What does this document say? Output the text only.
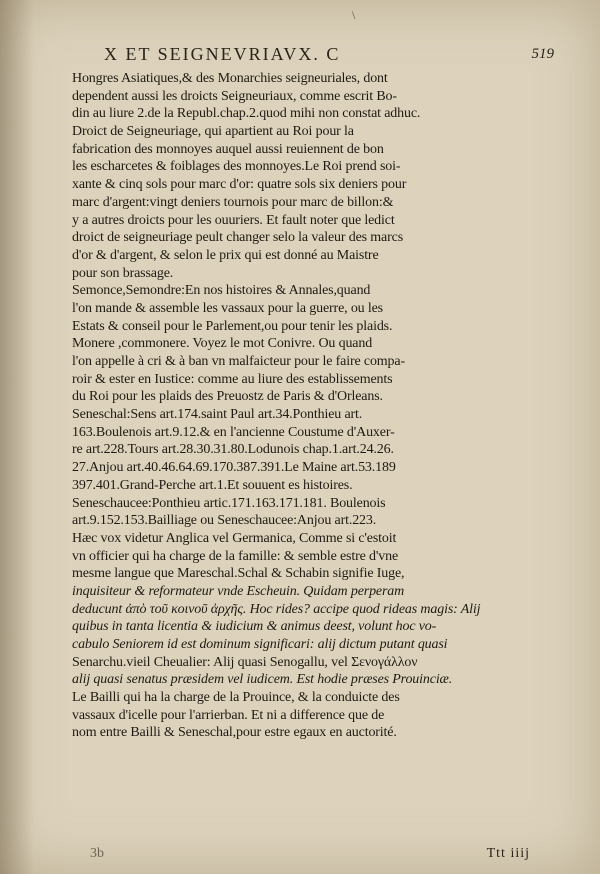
\
X ET SEIGNEVRIAVX. C	519
Hongres Asiatiques,& des Monarchies seigneuriales, dont
dependent aussi les droicts Seigneuriaux, comme escrit Bo-
din au liure 2.de la Republ.chap.2.quod mihi non constat adhuc.
Droict de Seigneuriage, qui apartient au Roi pour la
fabrication des monnoyes auquel aussi reuiennent de bon
les escharcetes & foiblages des monnoyes.Le Roi prend soi-
xante & cinq sols pour marc d'or: quatre sols six deniers pour
marc d'argent:vingt deniers tournois pour marc de billon:&
y a autres droicts pour les ouuriers. Et fault noter que ledict
droict de seigneuriage peult changer selo la valeur des marcs
d'or & d'argent, & selon le prix qui est donné au Maistre
pour son brassage.
Semonce,Semondre:En nos histoires & Annales,quand
l'on mande & assemble les vassaux pour la guerre, ou les
Estats & conseil pour le Parlement,ou pour tenir les plaids.
Monere ,commonere. Voyez le mot Conivre. Ou quand
l'on appelle à cri & à ban vn malfaicteur pour le faire compa-
roir & ester en Iustice: comme au liure des establissements
du Roi pour les plaids des Preuostz de Paris & d'Orleans.
Seneschal:Sens art.174.saint Paul art.34.Ponthieu art.
163.Boulenois art.9.12.& en l'ancienne Coustume d'Auxer-
re art.228.Tours art.28.30.31.80.Lodunois chap.1.art.24.26.
27.Anjou art.40.46.64.69.170.387.391.Le Maine art.53.189
397.401.Grand-Perche art.1.Et souuent es histoires.
Seneschaucee:Ponthieu artic.171.163.171.181. Boulenois
art.9.152.153.Bailliage ou Seneschaucee:Anjou art.223.
Hæc vox videtur Anglica vel Germanica, Comme si c'estoit
vn officier qui ha charge de la famille: & semble estre d'vne
mesme langue que Mareschal.Schal & Schabin signifie Iuge,
inquisiteur & reformateur vnde Escheuin. Quidam perperam
deducunt ἀπὸ τοῦ κοινοῦ ἀρχῆς. Hoc rides? accipe quod rideas magis: Alij
quibus in tanta licentia & iudicium & animus deest, volunt hoc vo-
cabulo Seniorem id est dominum significari: alij dictum putant quasi
Senarchu.vieil Cheualier: Alij quasi Senogallu, vel Σενογάλλον
alij quasi senatus præsidem vel iudicem. Est hodie præses Prouinciæ.
Le Bailli qui ha la charge de la Prouince, & la conduicte des
vassaux d'icelle pour l'arrierban. Et ni a difference que de
nom entre Bailli & Seneschal,pour estre egaux en auctorité.
3b	Ttt iiij
